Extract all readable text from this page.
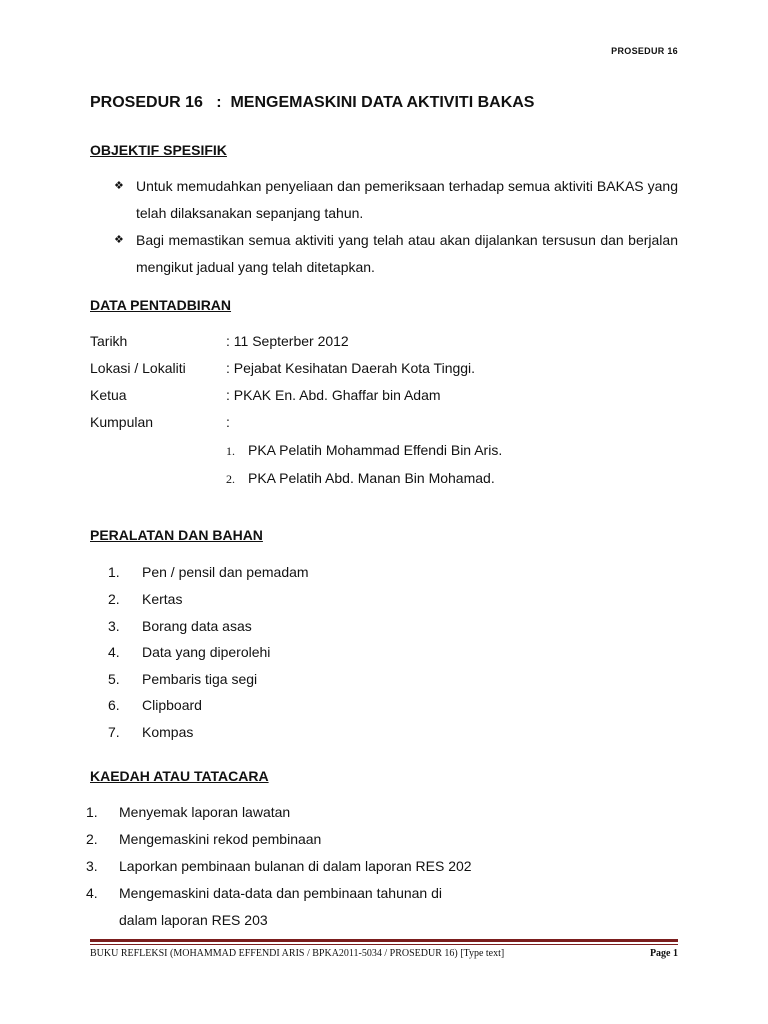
PROSEDUR 16
PROSEDUR 16   :  MENGEMASKINI DATA AKTIVITI BAKAS
OBJEKTIF SPESIFIK
❖ Untuk memudahkan penyeliaan dan pemeriksaan terhadap semua aktiviti BAKAS yang telah dilaksanakan sepanjang tahun.
❖ Bagi memastikan semua aktiviti yang telah atau akan dijalankan tersusun dan berjalan mengikut jadual yang telah ditetapkan.
DATA PENTADBIRAN
Tarikh	: 11 Septerber 2012
Lokasi / Lokaliti	: Pejabat Kesihatan Daerah Kota Tinggi.
Ketua	: PKAK En. Abd. Ghaffar bin Adam
Kumpulan	:
1. PKA Pelatih Mohammad Effendi Bin Aris.
2. PKA Pelatih Abd. Manan Bin Mohamad.
PERALATAN DAN BAHAN
1. Pen / pensil dan pemadam
2. Kertas
3. Borang data asas
4. Data yang diperolehi
5. Pembaris tiga segi
6. Clipboard
7. Kompas
KAEDAH ATAU TATACARA
1. Menyemak laporan lawatan
2. Mengemaskini rekod pembinaan
3. Laporkan pembinaan bulanan di dalam laporan RES 202
4. Mengemaskini data-data dan pembinaan tahunan di
dalam laporan RES 203
BUKU REFLEKSI (MOHAMMAD EFFENDI ARIS / BPKA2011-5034 / PROSEDUR 16) [Type text]	Page 1
